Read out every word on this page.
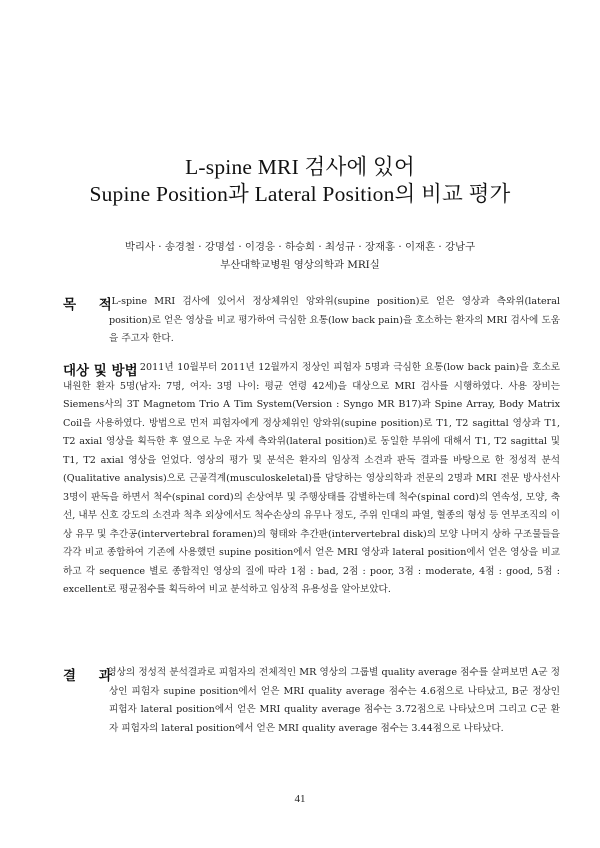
L-spine MRI 검사에 있어
Supine Position과 Lateral Position의 비교 평가
박리사 · 송경철 · 강명섭 · 이경응 · 하승희 · 최성규 · 장재홍 · 이재흔 · 강남구
부산대학교병원 영상의학과 MRI실
목 적
: L-spine MRI 검사에 있어서 정상체위인 앙와위(supine position)로 얻은 영상과 측와위(lateral position)로 얻은 영상을 비교 평가하여 극심한 요통(low back pain)을 호소하는 환자의 MRI 검사에 도움을 주고자 한다.
대상 및 방법
: 2011년 10월부터 2011년 12월까지 정상인 피험자 5명과 극심한 요통(low back pain)을 호소로 내원한 환자 5명(남자: 7명, 여자: 3명 나이: 평균 연령 42세)을 대상으로 MRI 검사를 시행하였다. 사용 장비는 Siemens사의 3T Magnetom Trio A Tim System(Version : Syngo MR B17)과 Spine Array, Body Matrix Coil을 사용하였다. 방법으로 먼저 피험자에게 정상체위인 앙와위(supine position)로 T1, T2 sagittal 영상과 T1, T2 axial 영상을 획득한 후 옆으로 누운 자세 측와위(lateral position)로 동일한 부위에 대해서 T1, T2 sagittal 및 T1, T2 axial 영상을 얻었다. 영상의 평가 및 분석은 환자의 임상적 소견과 판독 결과를 바탕으로 한 정성적 분석(Qualitative analysis)으로 근골격계(musculoskeletal)를 담당하는 영상의학과 전문의 2명과 MRI 전문 방사선사 3명이 판독을 하면서 척수(spinal cord)의 손상여부 및 주행상태를 감별하는데 척수(spinal cord)의 연속성, 모양, 축선, 내부 신호 강도의 소견과 척추 외상에서도 척수손상의 유무나 정도, 주위 인대의 파열, 혈종의 형성 등 연부조직의 이상 유무 및 추간공(intervertebral foramen)의 형태와 추간판(intervertebral disk)의 모양 나머지 상하 구조물들을 각각 비교 종합하여 기존에 사용했던 supine position에서 얻은 MRI 영상과 lateral position에서 얻은 영상을 비교하고 각 sequence 별로 종합적인 영상의 질에 따라 1점 : bad, 2점 : poor, 3점 : moderate, 4점 : good, 5점 : excellent로 평균점수를 획득하여 비교 분석하고 임상적 유용성을 알아보았다.
결 과
: 영상의 정성적 분석결과로 피험자의 전체적인 MR 영상의 그룹별 quality average 점수를 살펴보면 A군 정상인 피험자 supine position에서 얻은 MRI quality average 점수는 4.6점으로 나타났고, B군 정상인 피험자 lateral position에서 얻은 MRI quality average 점수는 3.72점으로 나타났으며 그리고 C군 환자 피험자의 lateral position에서 얻은 MRI quality average 점수는 3.44점으로 나타났다.
41
